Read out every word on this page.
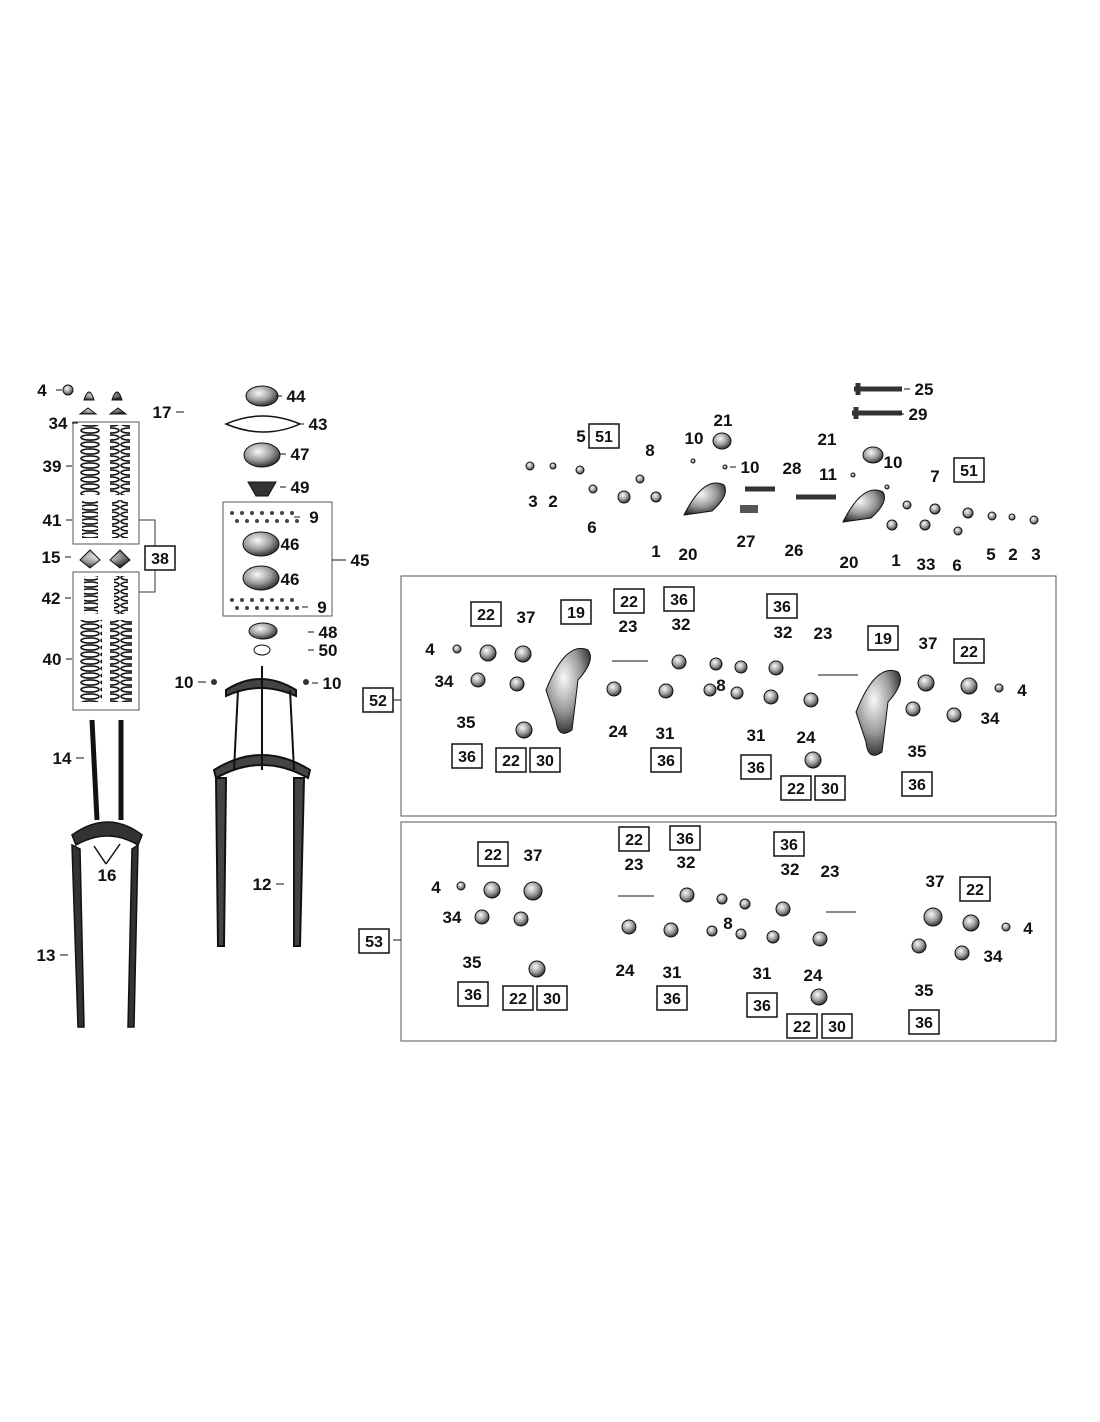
4
17
34
39
41
15	38
42
40
14
16
13
44
43
47
49
9
46
45
46
9
48
50
10	10
12
25
29
21
21
5 51
8
10
10 28 11
10
7 51
3 2
6
1 20
27 26
20 1 33 6
5 2 3
22 37 19
22
23
36
32
36
32 23	19 37 22
4
34	8	4
34
35	24 31	31 24
36 22 30	36
35
36
22 30	36
22 36	36
22 37	23 32	32 23
37 22
4
34	8	4
34
35	24 31	31 24
35
36 22 30	36	36
22 30	36
52
53
